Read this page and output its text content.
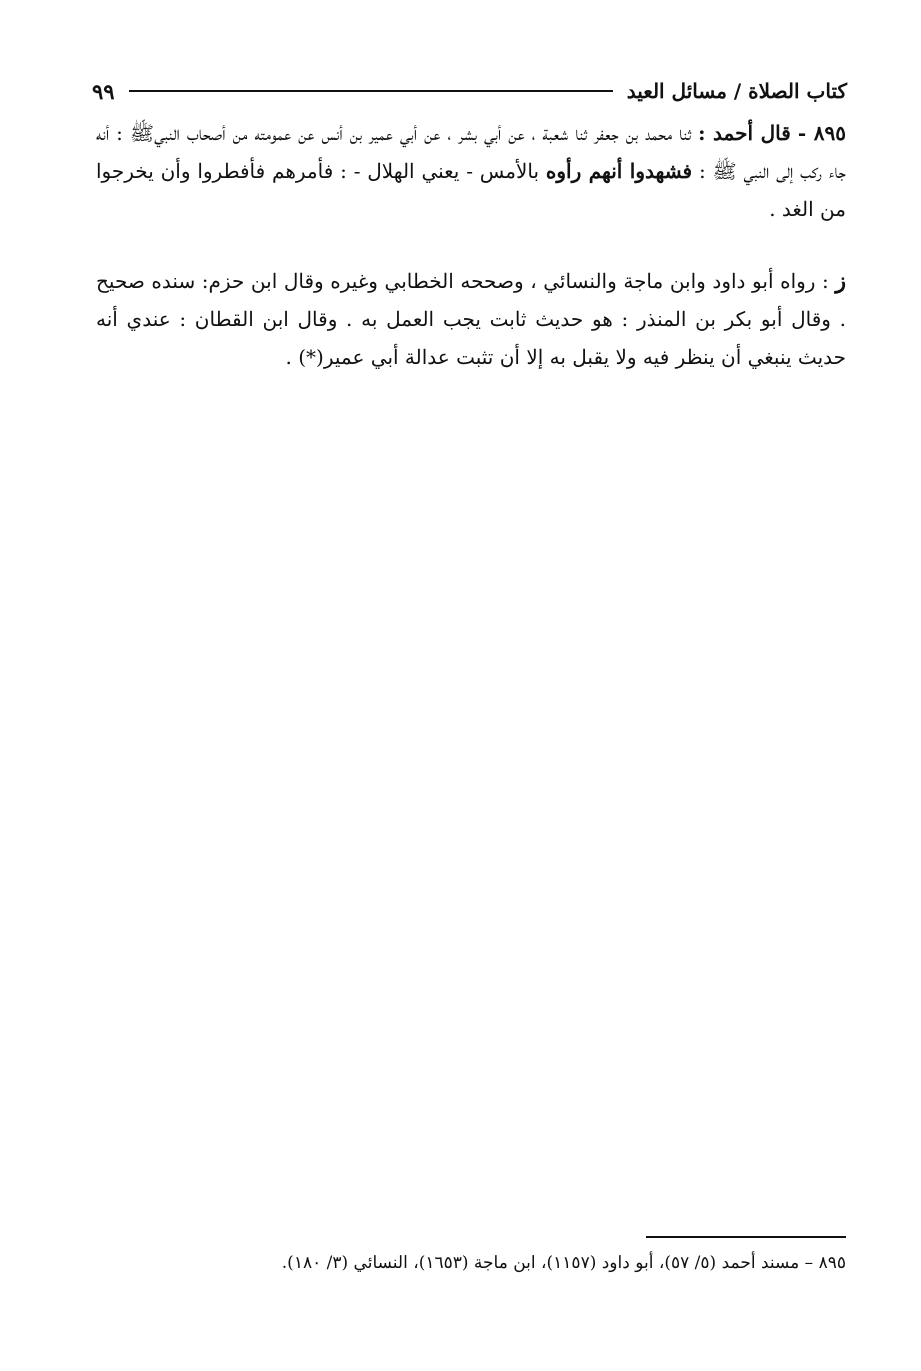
كتاب الصلاة / مسائل العيد
٩٩
٨٩٥ - قال أحمد : ثنا محمد بن جعفر ثنا شعبة ، عن أبي بشر ، عن أبي عمير بن أنس عن عمومته من أصحاب النبيﷺ : أنه جاء ركب إلى النبي ﷺ : فشهدوا أنهم رأوه بالأمس - يعني الهلال - : فأمرهم فأفطروا وأن يخرجوا من الغد .
ز : رواه أبو داود وابن ماجة والنسائي ، وصححه الخطابي وغيره وقال ابن حزم: سنده صحيح . وقال أبو بكر بن المنذر : هو حديث ثابت يجب العمل به . وقال ابن القطان : عندي أنه حديث ينبغي أن ينظر فيه ولا يقبل به إلا أن تثبت عدالة أبي عمير(*) .
٨٩٥ – مسند أحمد (٥/ ٥٧)، أبو داود (١١٥٧)، ابن ماجة (١٦٥٣)، النسائي (٣/ ١٨٠).
